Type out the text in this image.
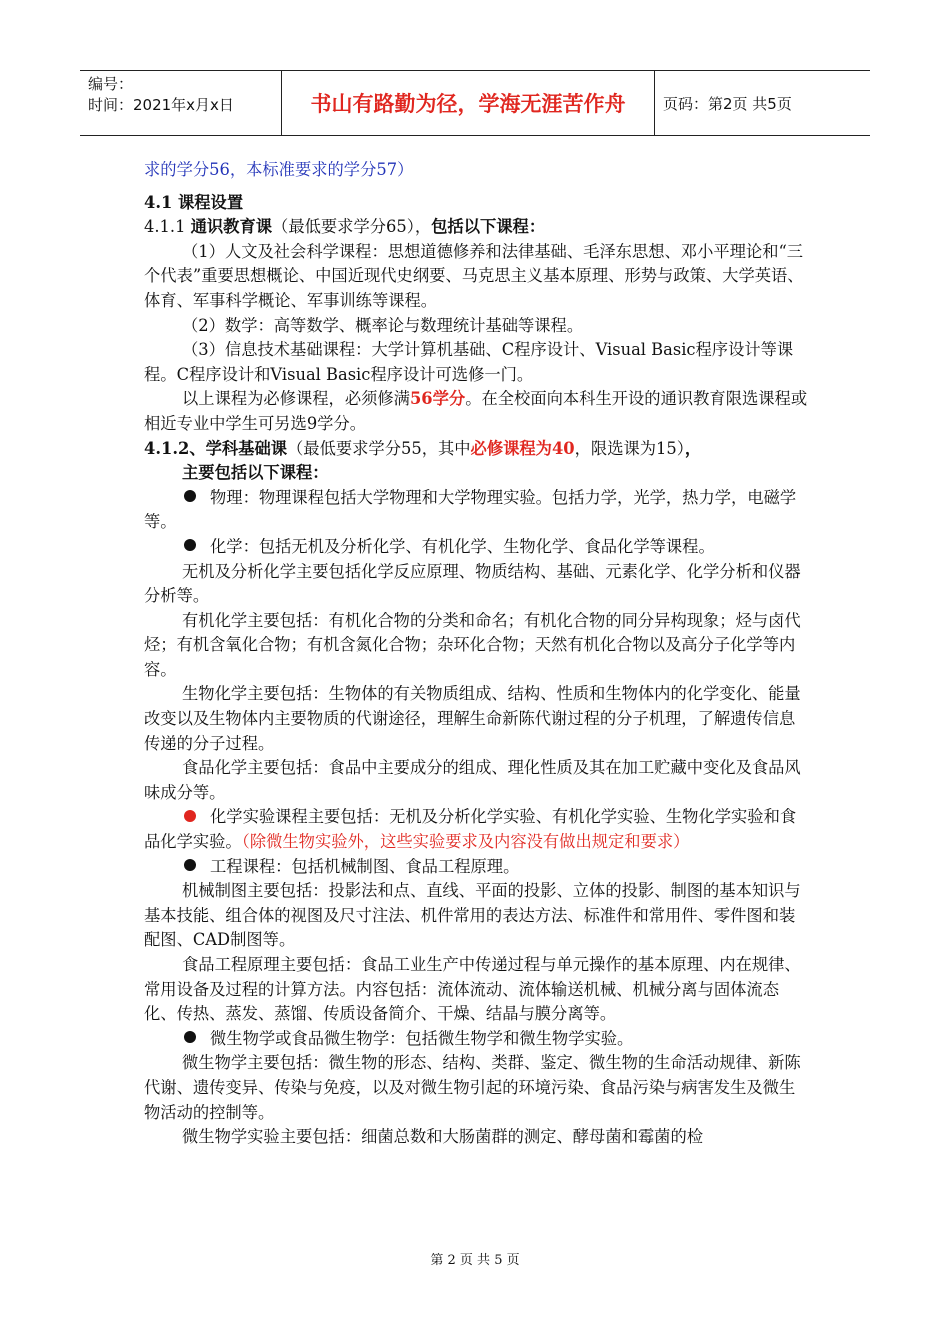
编号：
时间：2021年x月x日	书山有路勤为径，学海无涯苦作舟	页码：第2页 共5页

求的学分56，本标准要求的学分57）

4.1 课程设置

4.1.1 通识教育课（最低要求学分65），包括以下课程：

（1）人文及社会科学课程：思想道德修养和法律基础、毛泽东思想、邓小平理论和“三个代表”重要思想概论、中国近现代史纲要、马克思主义基本原理、形势与政策、大学英语、体育、军事科学概论、军事训练等课程。

（2）数学：高等数学、概率论与数理统计基础等课程。

（3）信息技术基础课程：大学计算机基础、C程序设计、Visual Basic程序设计等课程。C程序设计和Visual Basic程序设计可选修一门。

以上课程为必修课程，必须修满56学分。在全校面向本科生开设的通识教育限选课程或相近专业中学生可另选9学分。

4.1.2、学科基础课（最低要求学分55，其中必修课程为40，限选课为15），

主要包括以下课程：

物理：物理课程包括大学物理和大学物理实验。包括力学，光学，热力学，电磁学等。

化学：包括无机及分析化学、有机化学、生物化学、食品化学等课程。

无机及分析化学主要包括化学反应原理、物质结构、基础、元素化学、化学分析和仪器分析等。

有机化学主要包括：有机化合物的分类和命名；有机化合物的同分异构现象；烃与卤代烃；有机含氧化合物；有机含氮化合物；杂环化合物；天然有机化合物以及高分子化学等内容。

生物化学主要包括：生物体的有关物质组成、结构、性质和生物体内的化学变化、能量改变以及生物体内主要物质的代谢途径，理解生命新陈代谢过程的分子机理，了解遗传信息传递的分子过程。

食品化学主要包括：食品中主要成分的组成、理化性质及其在加工贮藏中变化及食品风味成分等。

化学实验课程主要包括：无机及分析化学实验、有机化学实验、生物化学实验和食品化学实验。（除微生物实验外，这些实验要求及内容没有做出规定和要求）

工程课程：包括机械制图、食品工程原理。

机械制图主要包括：投影法和点、直线、平面的投影、立体的投影、制图的基本知识与基本技能、组合体的视图及尺寸注法、机件常用的表达方法、标准件和常用件、零件图和装配图、CAD制图等。

食品工程原理主要包括：食品工业生产中传递过程与单元操作的基本原理、内在规律、常用设备及过程的计算方法。内容包括：流体流动、流体输送机械、机械分离与固体流态化、传热、蒸发、蒸馏、传质设备简介、干燥、结晶与膜分离等。

微生物学或食品微生物学：包括微生物学和微生物学实验。

微生物学主要包括：微生物的形态、结构、类群、鉴定、微生物的生命活动规律、新陈代谢、遗传变异、传染与免疫，以及对微生物引起的环境污染、食品污染与病害发生及微生物活动的控制等。

微生物学实验主要包括：细菌总数和大肠菌群的测定、酵母菌和霉菌的检

第 2 页 共 5 页
